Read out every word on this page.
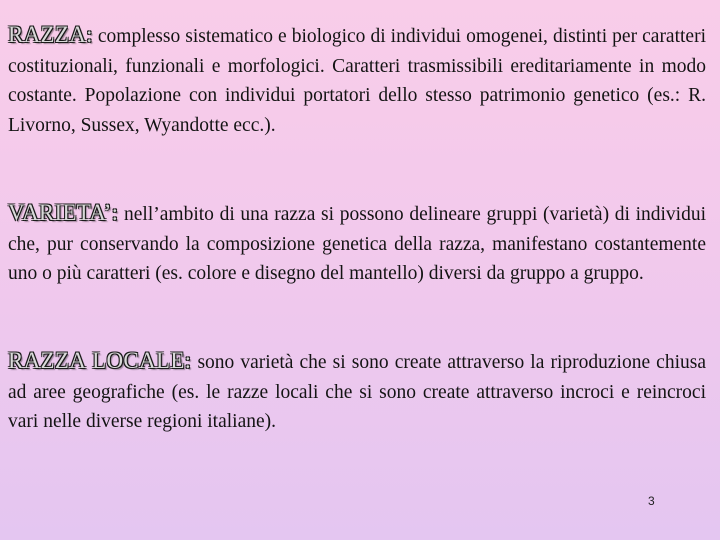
RAZZA: complesso sistematico e biologico di individui omogenei, distinti per caratteri costituzionali, funzionali e morfologici. Caratteri trasmissibili ereditariamente in modo costante. Popolazione con individui portatori dello stesso patrimonio genetico (es.: R. Livorno, Sussex, Wyandotte ecc.).

VARIETA’: nell’ambito di una razza si possono delineare gruppi (varietà) di individui che, pur conservando la composizione genetica della razza, manifestano costantemente uno o più caratteri (es. colore e disegno del mantello) diversi da gruppo a gruppo.

RAZZA LOCALE: sono varietà che si sono create attraverso la riproduzione chiusa ad aree geografiche (es. le razze locali che si sono create attraverso incroci e reincroci vari nelle diverse regioni italiane).

3
